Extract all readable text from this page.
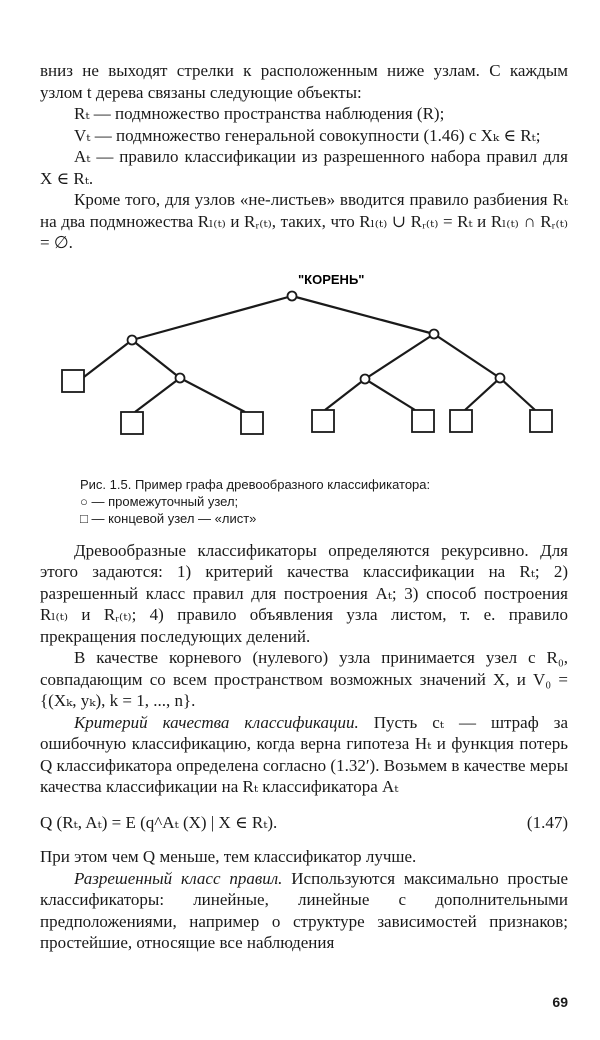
вниз не выходят стрелки к расположенным ниже узлам. С каждым узлом t дерева связаны следующие объекты:

Rₜ — подмножество пространства наблюдения (R);

Vₜ — подмножество генеральной совокупности (1.46) с Xₖ ∈ Rₜ;

Aₜ — правило классификации из разрешенного набора правил для X ∈ Rₜ.

Кроме того, для узлов «не-листьев» вводится правило разбиения Rₜ на два подмножества Rₗ₍ₜ₎ и Rᵣ₍ₜ₎, таких, что Rₗ₍ₜ₎ ∪ Rᵣ₍ₜ₎ = Rₜ и Rₗ₍ₜ₎ ∩ Rᵣ₍ₜ₎ = ∅.

"КОРЕНЬ"
Рис. 1.5. Пример графа древообразного классификатора:
○ — промежуточный узел;
□ — концевой узел — «лист»

Древообразные классификаторы определяются рекурсивно. Для этого задаются: 1) критерий качества классификации на Rₜ; 2) разрешенный класс правил для построения Aₜ; 3) способ построения Rₗ₍ₜ₎ и Rᵣ₍ₜ₎; 4) правило объявления узла листом, т. е. правило прекращения последующих делений.

В качестве корневого (нулевого) узла принимается узел с R₀, совпадающим со всем пространством возможных значений X, и V₀ = {(Xₖ, yₖ), k = 1, ..., n}.

Критерий качества классификации. Пусть cₜ — штраф за ошибочную классификацию, когда верна гипотеза Hₜ и функция потерь Q классификатора определена согласно (1.32′). Возьмем в качестве меры качества классификации на Rₜ классификатора Aₜ

Q (Rₜ, Aₜ) = E (q^Aₜ (X) | X ∈ Rₜ).	(1.47)

При этом чем Q меньше, тем классификатор лучше.

Разрешенный класс правил. Используются максимально простые классификаторы: линейные, линейные с дополнительными предположениями, например о структуре зависимостей признаков; простейшие, относящие все наблюдения

69
